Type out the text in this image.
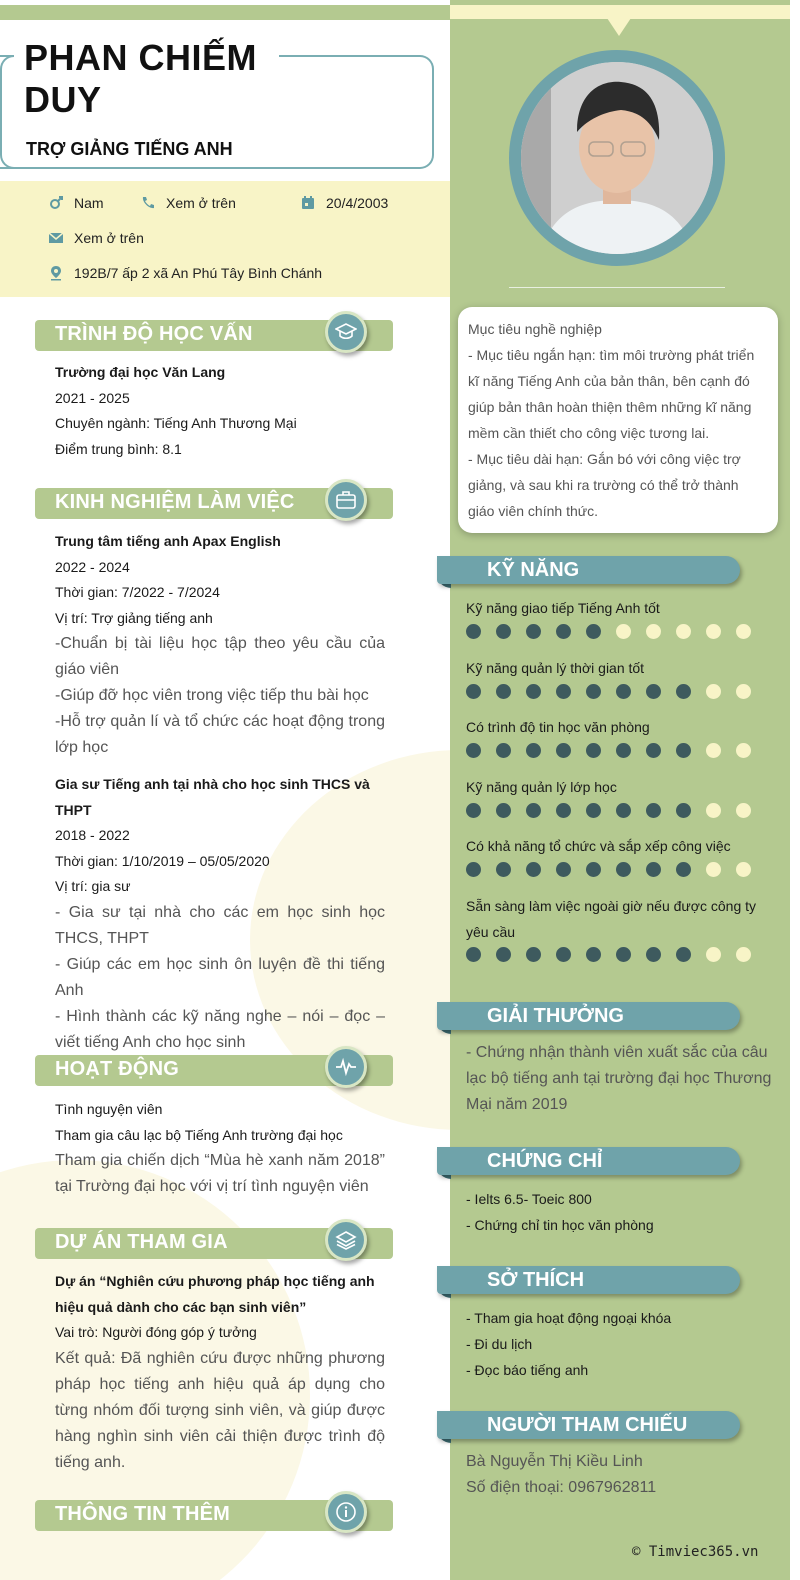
PHAN CHIẾM DUY
TRỢ GIẢNG TIẾNG ANH
Nam	Xem ở trên	20/4/2003
Xem ở trên
192B/7 ấp 2 xã An Phú Tây Bình Chánh
TRÌNH ĐỘ HỌC VẤN
Trường đại học Văn Lang
2021 - 2025
Chuyên ngành: Tiếng Anh Thương Mại
Điểm trung bình: 8.1
KINH NGHIỆM LÀM VIỆC
Trung tâm tiếng anh Apax English
2022 - 2024
Thời gian: 7/2022 - 7/2024
Vị trí: Trợ giảng tiếng anh
-Chuẩn bị tài liệu học tập theo yêu cầu của giáo viên
-Giúp đỡ học viên trong việc tiếp thu bài học
-Hỗ trợ quản lí và tổ chức các hoạt động trong lớp học
Gia sư Tiếng anh tại nhà cho học sinh THCS và THPT
2018 - 2022
Thời gian: 1/10/2019 – 05/05/2020
Vị trí: gia sư
- Gia sư tại nhà cho các em học sinh học THCS, THPT
- Giúp các em học sinh ôn luyện đề thi tiếng Anh
- Hình thành các kỹ năng nghe – nói – đọc – viết tiếng Anh cho học sinh
HOẠT ĐỘNG
Tình nguyện viên
Tham gia câu lạc bộ Tiếng Anh trường đại học
Tham gia chiến dịch “Mùa hè xanh năm 2018” tại Trường đại học với vị trí tình nguyện viên
DỰ ÁN THAM GIA
Dự án “Nghiên cứu phương pháp học tiếng anh hiệu quả dành cho các bạn sinh viên”
Vai trò: Người đóng góp ý tưởng
Kết quả: Đã nghiên cứu được những phương pháp học tiếng anh hiệu quả áp dụng cho từng nhóm đối tượng sinh viên, và giúp được hàng nghìn sinh viên cải thiện được trình độ tiếng anh.
THÔNG TIN THÊM
Mục tiêu nghề nghiệp
- Mục tiêu ngắn hạn: tìm môi trường phát triển kĩ năng Tiếng Anh của bản thân, bên cạnh đó giúp bản thân hoàn thiện thêm những kĩ năng mềm cần thiết cho công việc tương lai.
- Mục tiêu dài hạn: Gắn bó với công việc trợ giảng, và sau khi ra trường có thể trở thành giáo viên chính thức.
KỸ NĂNG
Kỹ năng giao tiếp Tiếng Anh tốt
Kỹ năng quản lý thời gian tốt
Có trình độ tin học văn phòng
Kỹ năng quản lý lớp học
Có khả năng tổ chức và sắp xếp công việc
Sẵn sàng làm việc ngoài giờ nếu được công ty yêu cầu
GIẢI THƯỞNG
- Chứng nhận thành viên xuất sắc của câu lạc bộ tiếng anh tại trường đại học Thương Mại năm 2019
CHỨNG CHỈ
- Ielts 6.5- Toeic 800
- Chứng chỉ tin học văn phòng
SỞ THÍCH
- Tham gia hoạt động ngoại khóa
- Đi du lịch
- Đọc báo tiếng anh
NGƯỜI THAM CHIẾU
Bà Nguyễn Thị Kiều Linh
Số điện thoại: 0967962811
© Timviec365.vn
